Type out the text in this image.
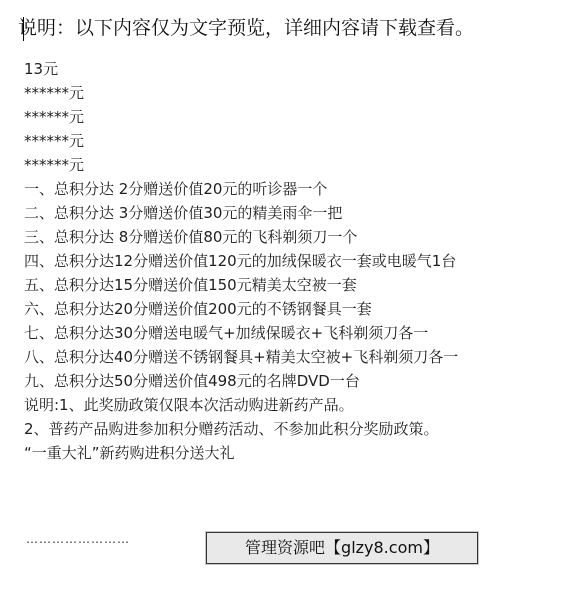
说明：以下内容仅为文字预览，详细内容请下载查看。
13元
******元
******元
******元
******元
一、总积分达 2分赠送价值20元的听诊器一个
二、总积分达 3分赠送价值30元的精美雨伞一把
三、总积分达 8分赠送价值80元的飞科剃须刀一个
四、总积分达12分赠送价值120元的加绒保暖衣一套或电暖气1台
五、总积分达15分赠送价值150元精美太空被一套
六、总积分达20分赠送价值200元的不锈钢餐具一套
七、总积分达30分赠送电暖气+加绒保暖衣+飞科剃须刀各一
八、总积分达40分赠送不锈钢餐具+精美太空被+飞科剃须刀各一
九、总积分达50分赠送价值498元的名牌DVD一台
说明:1、此奖励政策仅限本次活动购进新药产品。
2、普药产品购进参加积分赠药活动、不参加此积分奖励政策。
“一重大礼”新药购进积分送大礼
……………………	管理资源吧【glzy8.com】
